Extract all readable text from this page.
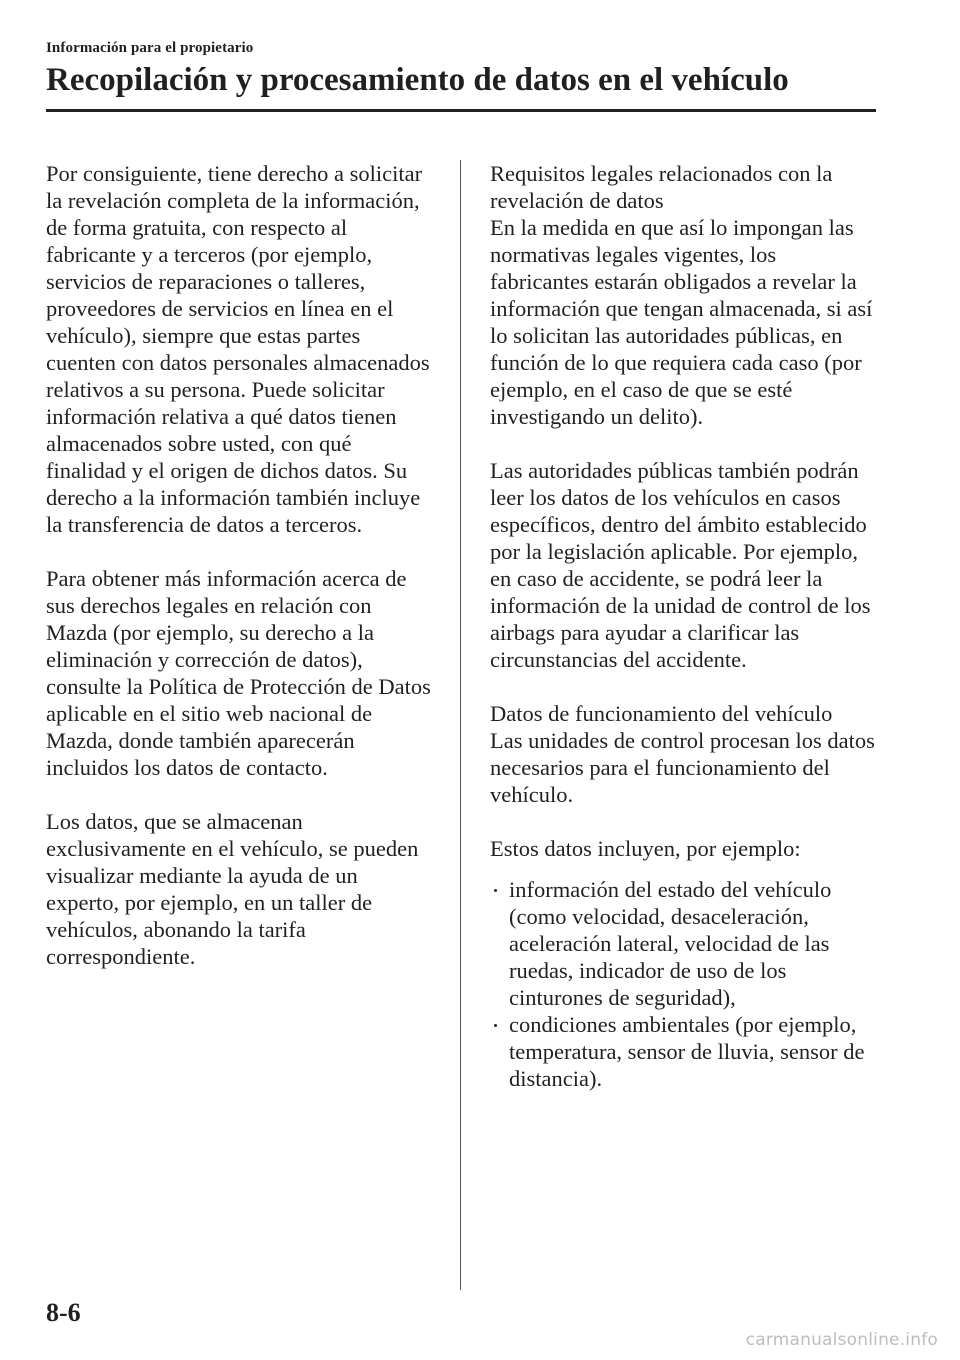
Información para el propietario
Recopilación y procesamiento de datos en el vehículo

Por consiguiente, tiene derecho a solicitar
la revelación completa de la información,
de forma gratuita, con respecto al
fabricante y a terceros (por ejemplo,
servicios de reparaciones o talleres,
proveedores de servicios en línea en el
vehículo), siempre que estas partes
cuenten con datos personales almacenados
relativos a su persona. Puede solicitar
información relativa a qué datos tienen
almacenados sobre usted, con qué
finalidad y el origen de dichos datos. Su
derecho a la información también incluye
la transferencia de datos a terceros.

Para obtener más información acerca de
sus derechos legales en relación con
Mazda (por ejemplo, su derecho a la
eliminación y corrección de datos),
consulte la Política de Protección de Datos
aplicable en el sitio web nacional de
Mazda, donde también aparecerán
incluidos los datos de contacto.

Los datos, que se almacenan
exclusivamente en el vehículo, se pueden
visualizar mediante la ayuda de un
experto, por ejemplo, en un taller de
vehículos, abonando la tarifa
correspondiente.

Requisitos legales relacionados con la
revelación de datos
En la medida en que así lo impongan las
normativas legales vigentes, los
fabricantes estarán obligados a revelar la
información que tengan almacenada, si así
lo solicitan las autoridades públicas, en
función de lo que requiera cada caso (por
ejemplo, en el caso de que se esté
investigando un delito).

Las autoridades públicas también podrán
leer los datos de los vehículos en casos
específicos, dentro del ámbito establecido
por la legislación aplicable. Por ejemplo,
en caso de accidente, se podrá leer la
información de la unidad de control de los
airbags para ayudar a clarificar las
circunstancias del accidente.

Datos de funcionamiento del vehículo
Las unidades de control procesan los datos
necesarios para el funcionamiento del
vehículo.

Estos datos incluyen, por ejemplo:

información del estado del vehículo
(como velocidad, desaceleración,
aceleración lateral, velocidad de las
ruedas, indicador de uso de los
cinturones de seguridad),
condiciones ambientales (por ejemplo,
temperatura, sensor de lluvia, sensor de
distancia).
8-6
carmanualsonline.info
